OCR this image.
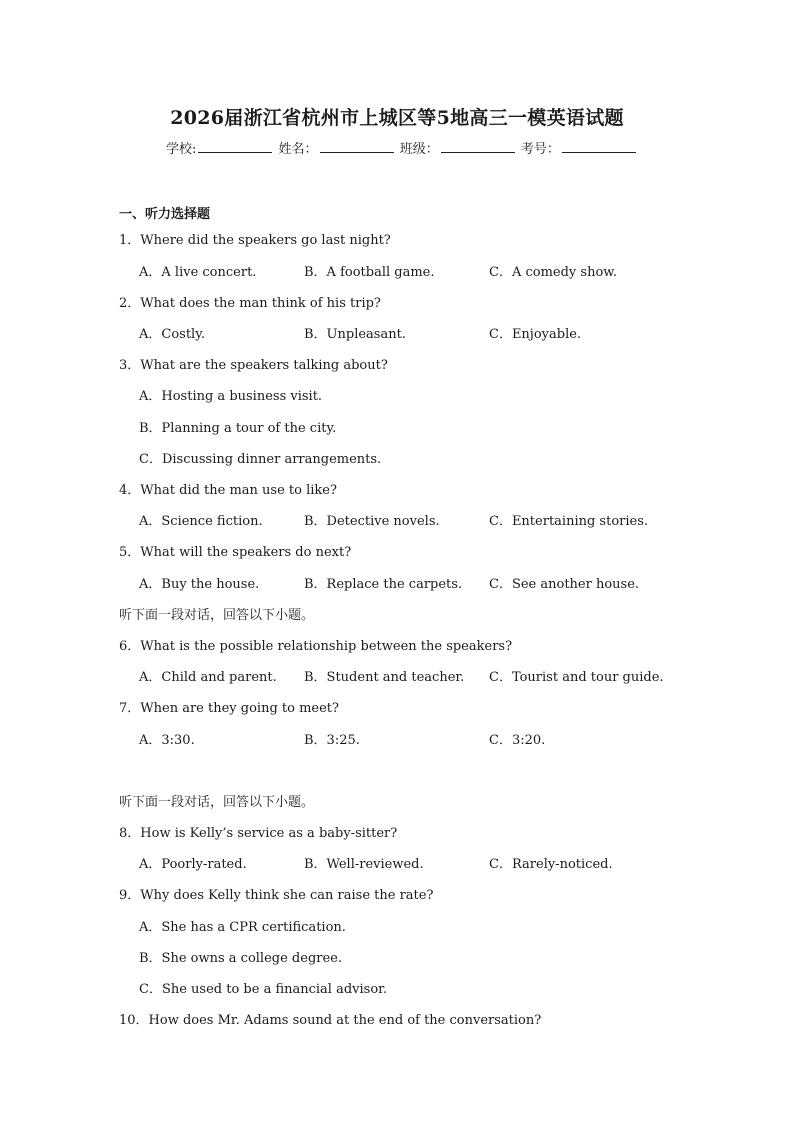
2026届浙江省杭州市上城区等5地高三一模英语试题
学校:	姓名：	班级：	考号：
一、听力选择题
1．Where did the speakers go last night?
A．A live concert.	B．A football game.	C．A comedy show.
2．What does the man think of his trip?
A．Costly.	B．Unpleasant.	C．Enjoyable.
3．What are the speakers talking about?
A．Hosting a business visit.
B．Planning a tour of the city.
C．Discussing dinner arrangements.
4．What did the man use to like?
A．Science fiction.	B．Detective novels.	C．Entertaining stories.
5．What will the speakers do next?
A．Buy the house.	B．Replace the carpets. C．See another house.
听下面一段对话，回答以下小题。
6．What is the possible relationship between the speakers?
A．Child and parent. B．Student and teacher. C．Tourist and tour guide.
7．When are they going to meet?
A．3:30.	B．3:25.	C．3:20.
听下面一段对话，回答以下小题。
8．How is Kelly’s service as a baby-sitter?
A．Poorly-rated.	B．Well-reviewed.	C．Rarely-noticed.
9．Why does Kelly think she can raise the rate?
A．She has a CPR certification.
B．She owns a college degree.
C．She used to be a financial advisor.
10．How does Mr. Adams sound at the end of the conversation?
